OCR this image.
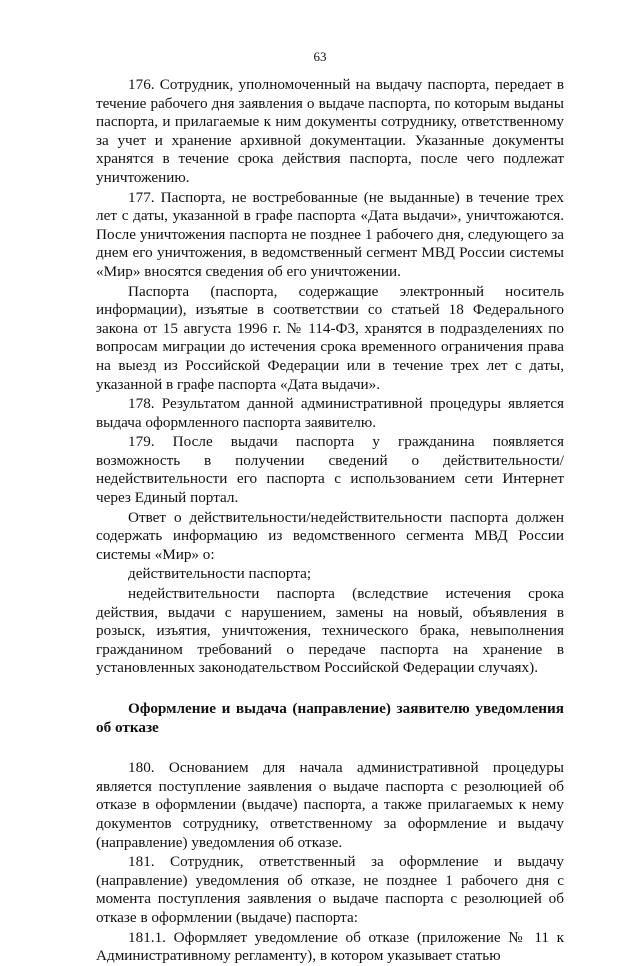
63

176. Сотрудник, уполномоченный на выдачу паспорта, передает в течение рабочего дня заявления о выдаче паспорта, по которым выданы паспорта, и прилагаемые к ним документы сотруднику, ответственному за учет и хранение архивной документации. Указанные документы хранятся в течение срока действия паспорта, после чего подлежат уничтожению.

177. Паспорта, не востребованные (не выданные) в течение трех лет с даты, указанной в графе паспорта «Дата выдачи», уничтожаются. После уничтожения паспорта не позднее 1 рабочего дня, следующего за днем его уничтожения, в ведомственный сегмент МВД России системы «Мир» вносятся сведения об его уничтожении.

Паспорта (паспорта, содержащие электронный носитель информации), изъятые в соответствии со статьей 18 Федерального закона от 15 августа 1996 г. № 114-ФЗ, хранятся в подразделениях по вопросам миграции до истечения срока временного ограничения права на выезд из Российской Федерации или в течение трех лет с даты, указанной в графе паспорта «Дата выдачи».

178. Результатом данной административной процедуры является выдача оформленного паспорта заявителю.

179. После выдачи паспорта у гражданина появляется возможность в получении сведений о действительности/недействительности его паспорта с использованием сети Интернет через Единый портал.

Ответ о действительности/недействительности паспорта должен содержать информацию из ведомственного сегмента МВД России системы «Мир» о:

действительности паспорта;

недействительности паспорта (вследствие истечения срока действия, выдачи с нарушением, замены на новый, объявления в розыск, изъятия, уничтожения, технического брака, невыполнения гражданином требований о передаче паспорта на хранение в установленных законодательством Российской Федерации случаях).

Оформление и выдача (направление) заявителю уведомления об отказе

180. Основанием для начала административной процедуры является поступление заявления о выдаче паспорта с резолюцией об отказе в оформлении (выдаче) паспорта, а также прилагаемых к нему документов сотруднику, ответственному за оформление и выдачу (направление) уведомления об отказе.

181. Сотрудник, ответственный за оформление и выдачу (направление) уведомления об отказе, не позднее 1 рабочего дня с момента поступления заявления о выдаче паспорта с резолюцией об отказе в оформлении (выдаче) паспорта:

181.1. Оформляет уведомление об отказе (приложение № 11 к Административному регламенту), в котором указывает статью
